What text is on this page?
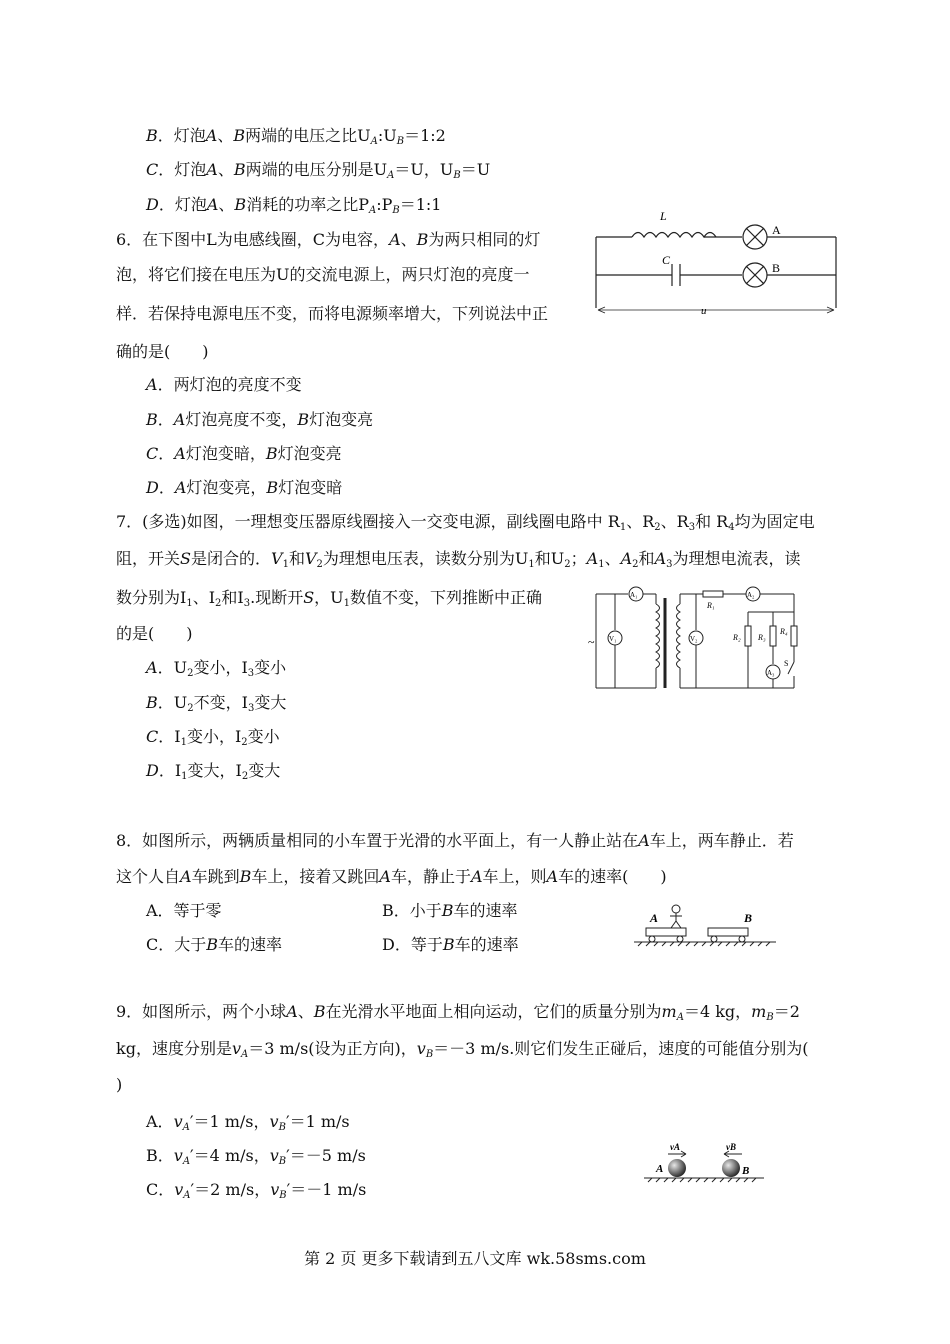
B．灯泡A、B两端的电压之比$U_A:U_B=1:2$
C．灯泡A、B两端的电压分别是$U_A=U$，$U_B=U$
D．灯泡A、B消耗的功率之比$P_A:P_B=1:1$
6．在下图中L为电感线圈，C为电容，A、B为两只相同的灯
泡，将它们接在电压为U的交流电源上，两只灯泡的亮度一
样．若保持电源电压不变，而将电源频率增大，下列说法中正
确的是(　　)
A．两灯泡的亮度不变
B．A灯泡亮度不变，B灯泡变亮
C．A灯泡变暗，B灯泡变亮
D．A灯泡变亮，B灯泡变暗
L
C
A
B
u
7．(多选)如图，一理想变压器原线圈接入一交变电源，副线圈电路中 $R_1$、$R_2$、$R_3$和 $R_4$均为固定电
阻，开关S是闭合的．$V_1$和$V_2$为理想电压表，读数分别为$U_1$和$U_2$；$A_1$、$A_2$和$A_3$为理想电流表，读
数分别为$I_1$、$I_2$和$I_3$.现断开S，$U_1$数值不变，下列推断中正确
的是(　　)
A．$U_2$变小，$I_3$变小
B．$U_2$不变，$I_3$变大
C．$I_1$变小，$I_2$变小
D．$I_1$变大，$I_2$变大
~
A₁
V₁	V₂
R₁
A₂
R₂ R₃
R₄
A₃
S
8．如图所示，两辆质量相同的小车置于光滑的水平面上，有一人静止站在A车上，两车静止．若
这个人自A车跳到B车上，接着又跳回A车，静止于A车上，则A车的速率(　　)
A．等于零	B．小于B车的速率
C．大于B车的速率	D．等于B车的速率
A	B
9．如图所示，两个小球A、B在光滑水平地面上相向运动，它们的质量分别为$m_A=4$ kg，$m_B=2$
kg，速度分别是$v_A=3$ m/s(设为正方向)，$v_B=-3$ m/s.则它们发生正碰后，速度的可能值分别为(
)
A．$v_A'=1$ m/s，$v_B'=1$ m/s
B．$v_A'=4$ m/s，$v_B'=-5$ m/s
C．$v_A'=2$ m/s，$v_B'=-1$ m/s
A	B
vA	vB
第 2 页 更多下载请到五八文库 wk.58sms.com
